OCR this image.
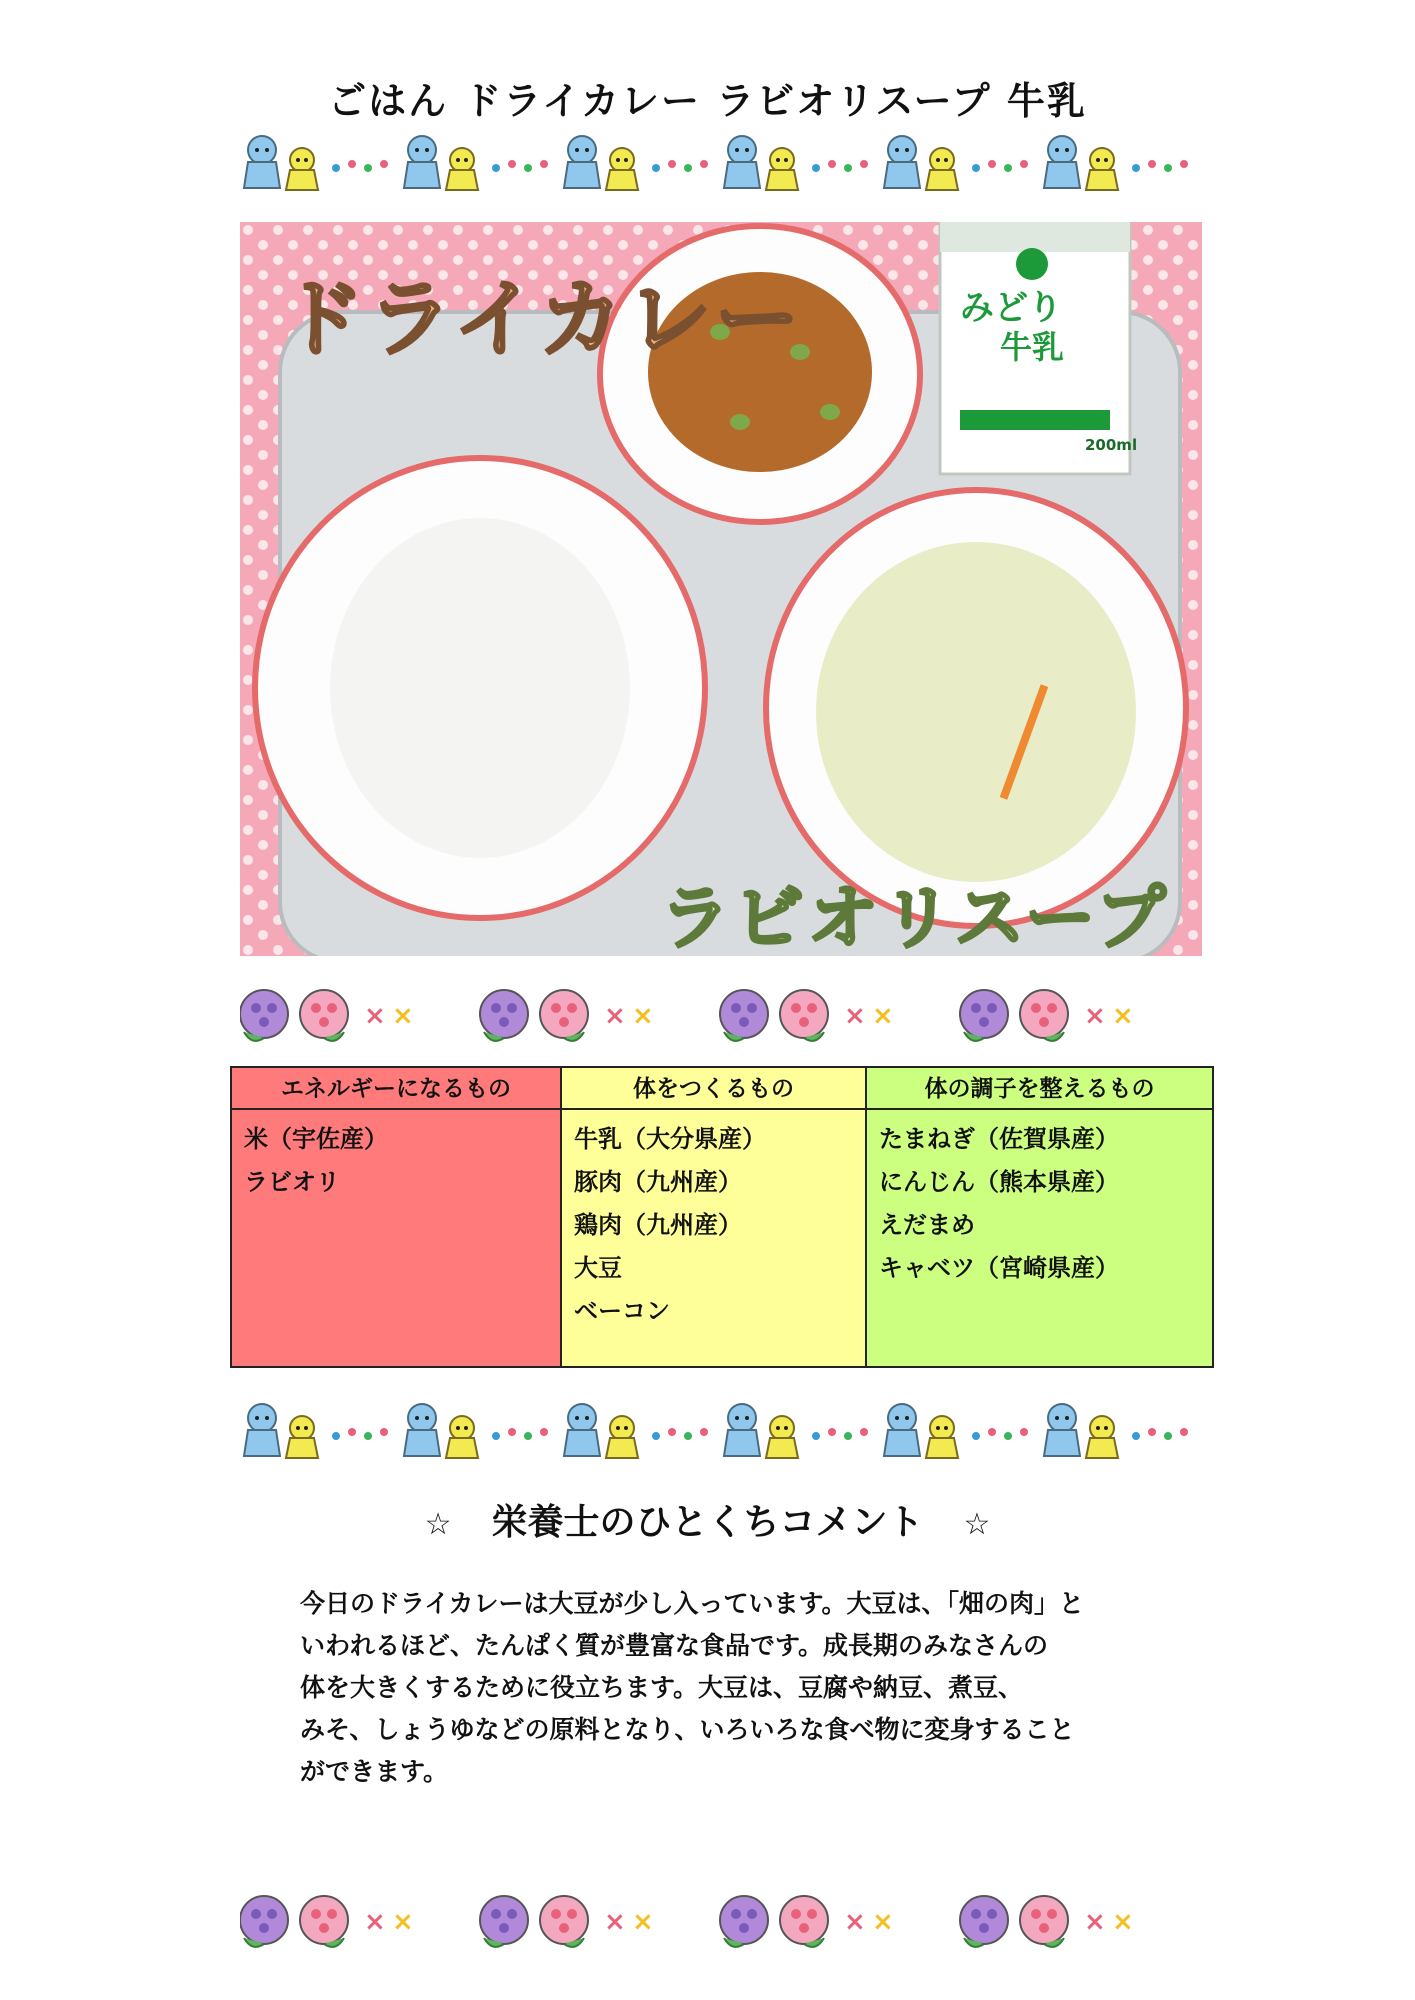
ごはん ドライカレー ラビオリスープ 牛乳
みどり
牛乳
200ml
ドライカレー
ラビオリスープ
× ×
エネルギーになるもの
米（宇佐産）
ラビオリ
体をつくるもの
牛乳（大分県産）
豚肉（九州産）
鶏肉（九州産）
大豆
ベーコン
体の調子を整えるもの
たまねぎ（佐賀県産）
にんじん（熊本県産）
えだまめ
キャベツ（宮崎県産）
☆ 栄養士のひとくちコメント ☆
今日のドライカレーは大豆が少し入っています。大豆は、「畑の肉」と
いわれるほど、たんぱく質が豊富な食品です。成長期のみなさんの
体を大きくするために役立ちます。大豆は、豆腐や納豆、煮豆、
みそ、しょうゆなどの原料となり、いろいろな食べ物に変身すること
ができます。
